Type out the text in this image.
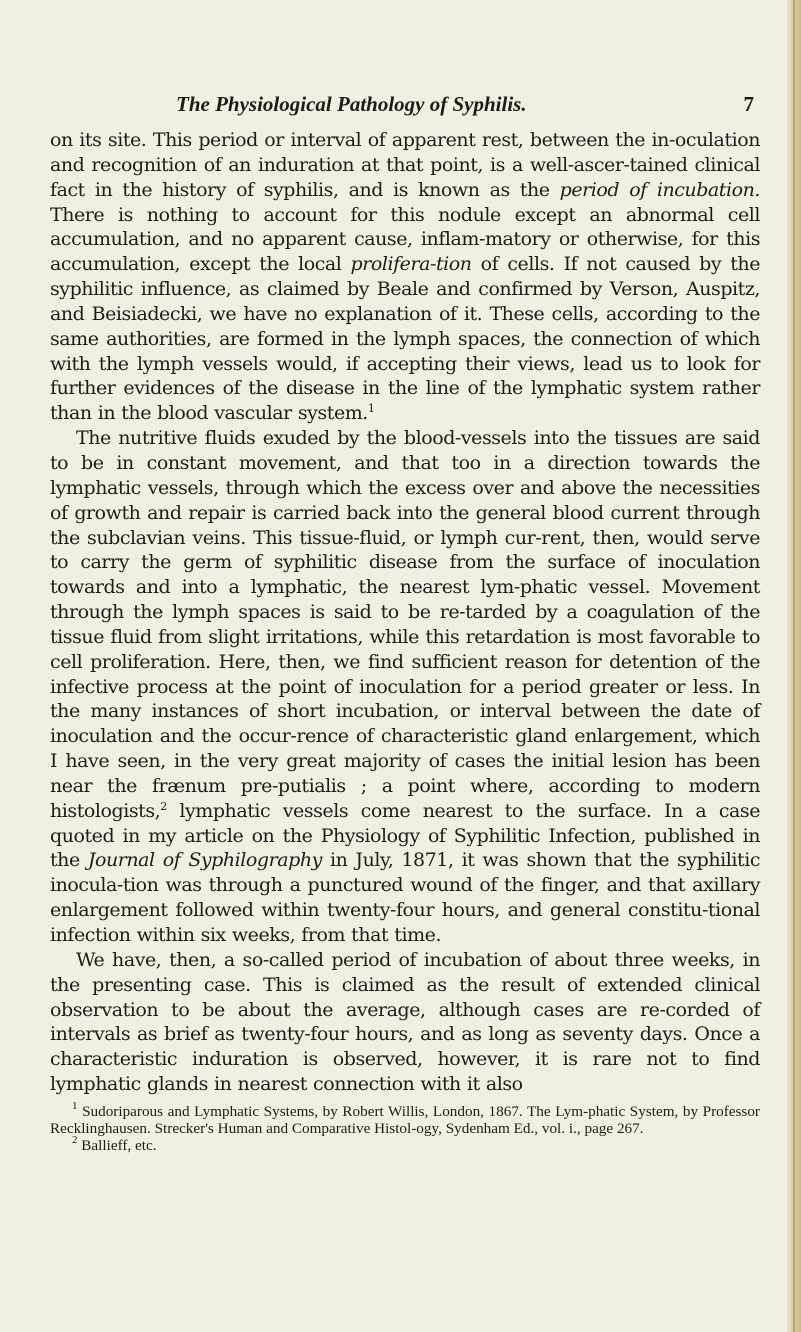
The Physiological Pathology of Syphilis.	7

on its site. This period or interval of apparent rest, between the in-oculation and recognition of an induration at that point, is a well-ascer-tained clinical fact in the history of syphilis, and is known as the period of incubation. There is nothing to account for this nodule except an abnormal cell accumulation, and no apparent cause, inflam-matory or otherwise, for this accumulation, except the local prolifera-tion of cells. If not caused by the syphilitic influence, as claimed by Beale and confirmed by Verson, Auspitz, and Beisiadecki, we have no explanation of it. These cells, according to the same authorities, are formed in the lymph spaces, the connection of which with the lymph vessels would, if accepting their views, lead us to look for further evidences of the disease in the line of the lymphatic system rather than in the blood vascular system.$^1$

The nutritive fluids exuded by the blood-vessels into the tissues are said to be in constant movement, and that too in a direction towards the lymphatic vessels, through which the excess over and above the necessities of growth and repair is carried back into the general blood current through the subclavian veins. This tissue-fluid, or lymph cur-rent, then, would serve to carry the germ of syphilitic disease from the surface of inoculation towards and into a lymphatic, the nearest lym-phatic vessel. Movement through the lymph spaces is said to be re-tarded by a coagulation of the tissue fluid from slight irritations, while this retardation is most favorable to cell proliferation. Here, then, we find sufficient reason for detention of the infective process at the point of inoculation for a period greater or less. In the many instances of short incubation, or interval between the date of inoculation and the occur-rence of characteristic gland enlargement, which I have seen, in the very great majority of cases the initial lesion has been near the frænum pre-putialis ; a point where, according to modern histologists,$^2$ lymphatic vessels come nearest to the surface. In a case quoted in my article on the Physiology of Syphilitic Infection, published in the Journal of Syphilography in July, 1871, it was shown that the syphilitic inocula-tion was through a punctured wound of the finger, and that axillary enlargement followed within twenty-four hours, and general constitu-tional infection within six weeks, from that time.

We have, then, a so-called period of incubation of about three weeks, in the presenting case. This is claimed as the result of extended clinical observation to be about the average, although cases are re-corded of intervals as brief as twenty-four hours, and as long as seventy days. Once a characteristic induration is observed, however, it is rare not to find lymphatic glands in nearest connection with it also

$^1$ Sudoriparous and Lymphatic Systems, by Robert Willis, London, 1867. The Lym-phatic System, by Professor Recklinghausen. Strecker's Human and Comparative Histol-ogy, Sydenham Ed., vol. i., page 267.

$^2$ Ballieff, etc.
